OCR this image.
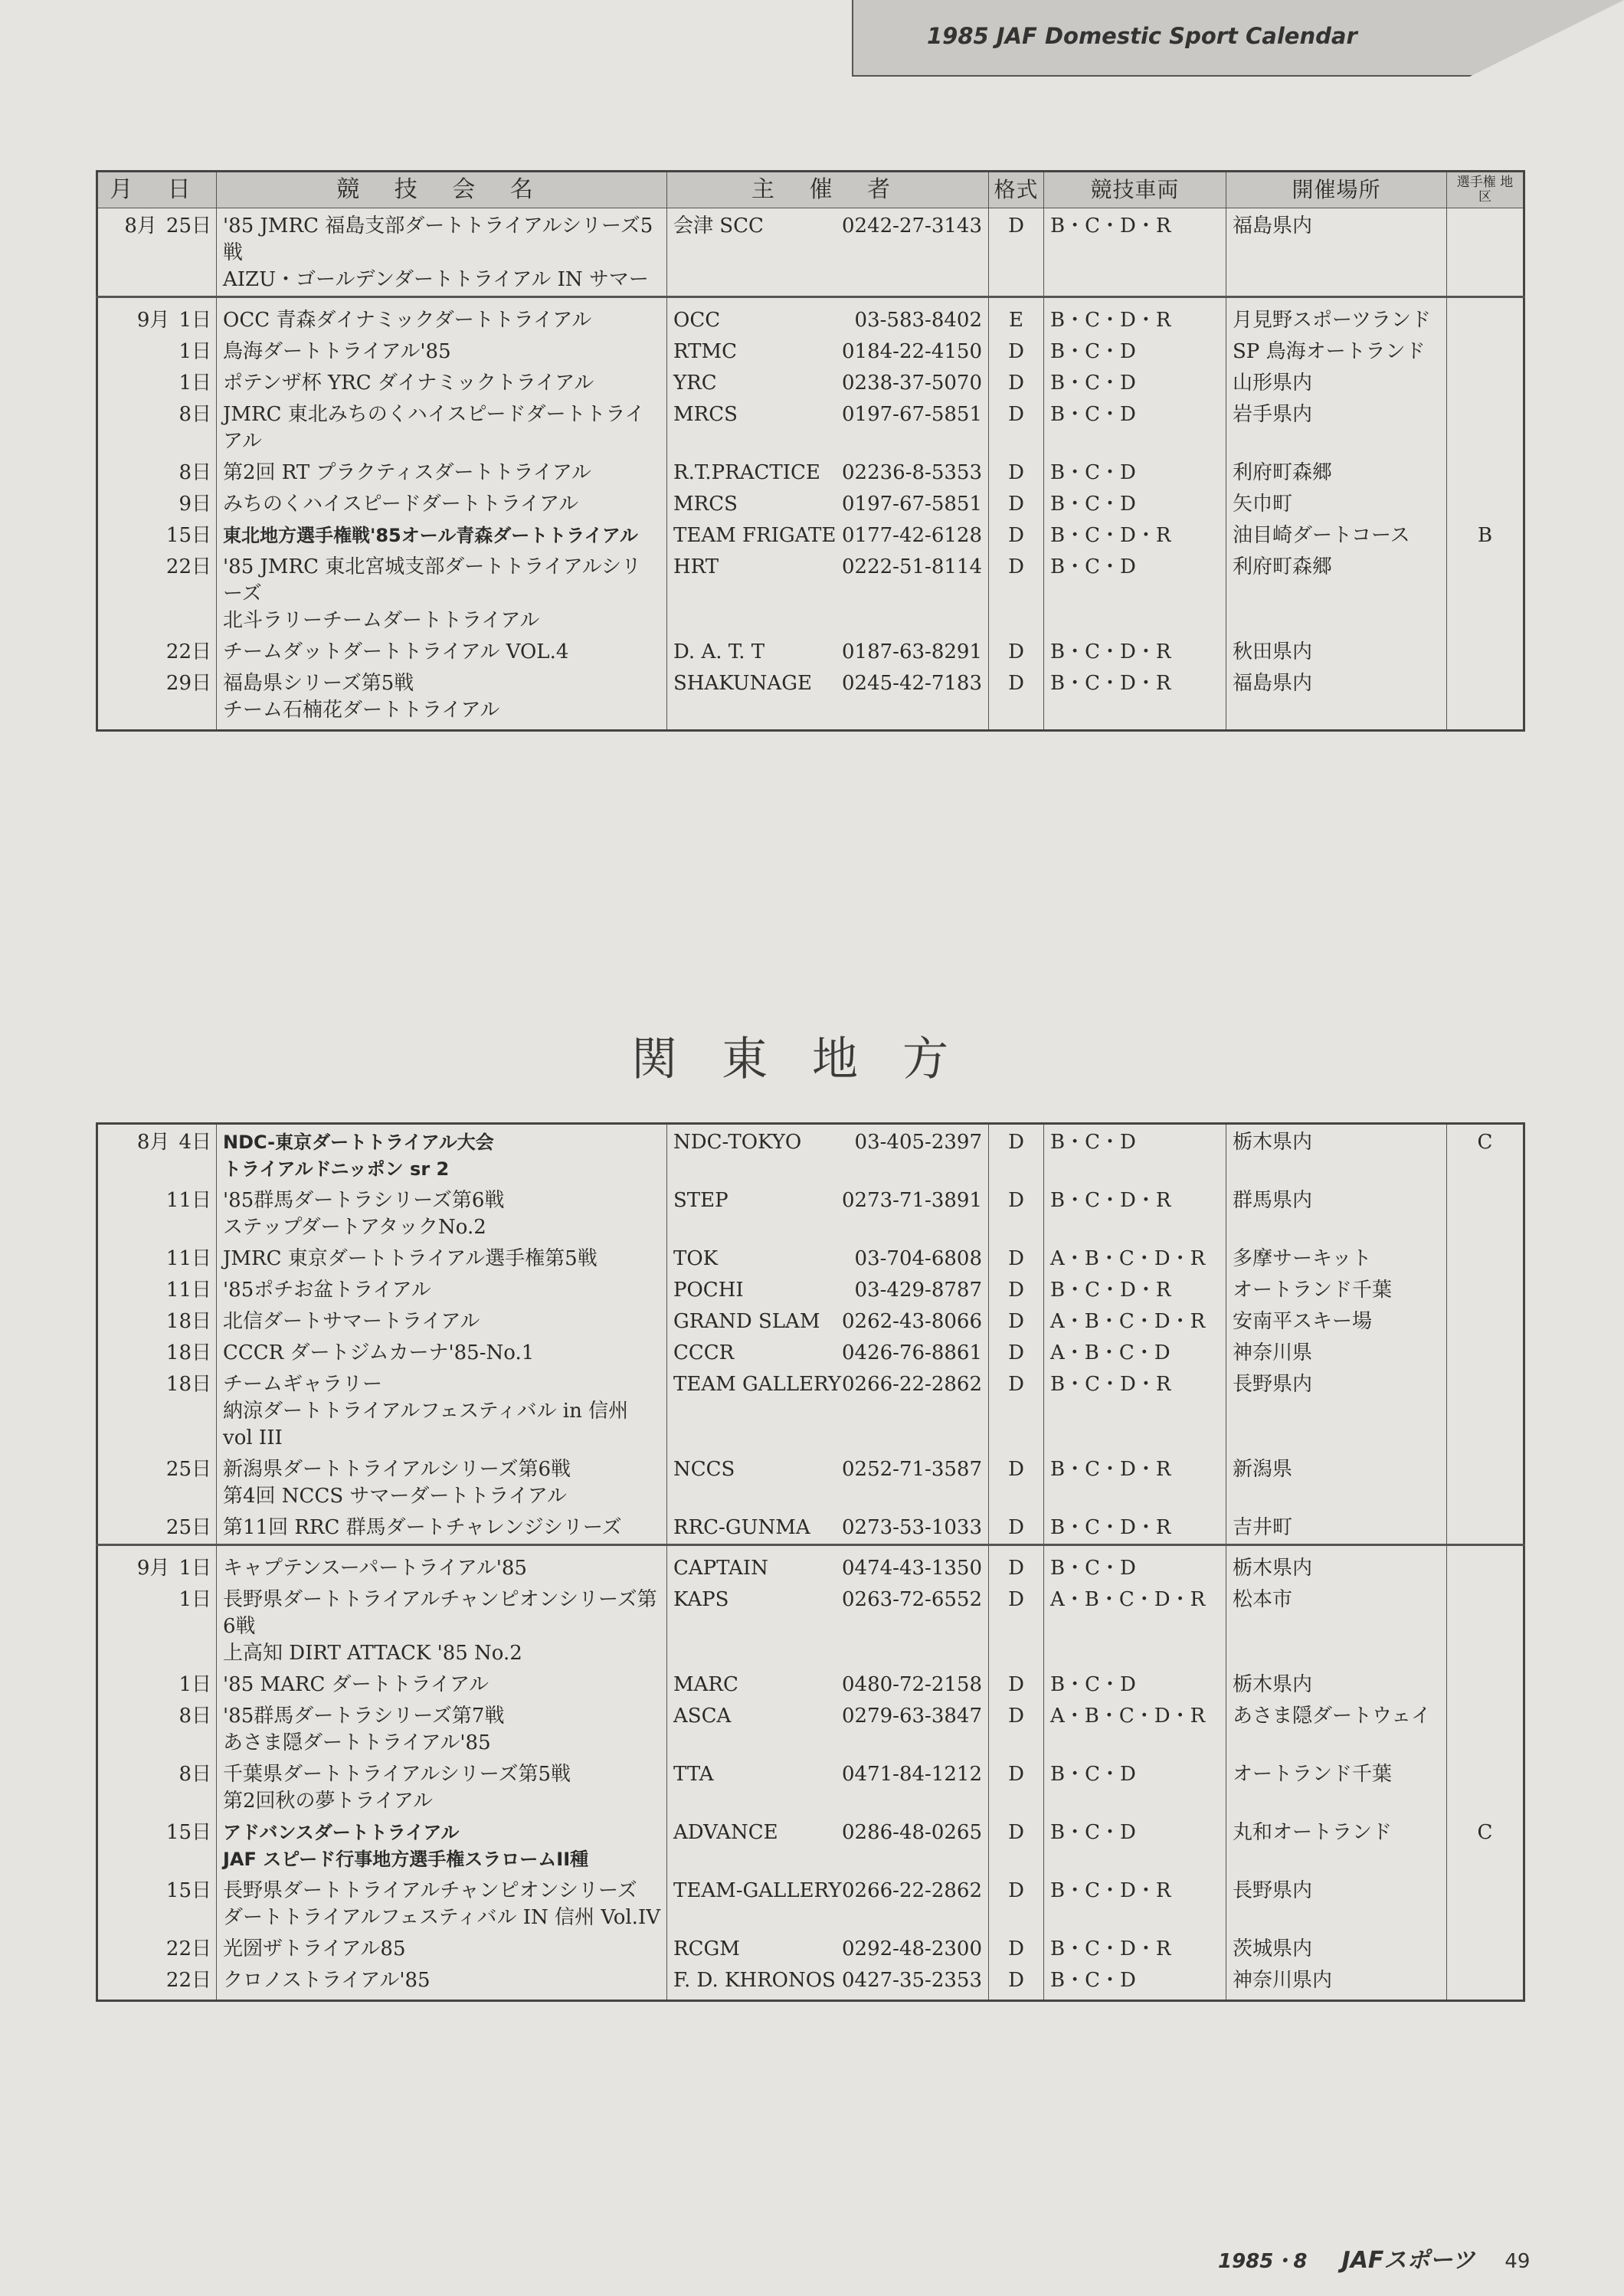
1985 JAF Domestic Sport Calendar
月 日	競 技 会 名	主 催 者	格式	競技車両	開催場所	選手権 地 区
8月 25日	'85 JMRC 福島支部ダートトライアルシリーズ5戦
AIZU・ゴールデンダートトライアル IN サマー	会津 SCC 0242-27-3143	D	B・C・D・R	福島県内	
9月 1日	OCC 青森ダイナミックダートトライアル	OCC 03-583-8402	E	B・C・D・R	月見野スポーツランド	
1日	鳥海ダートトライアル'85	RTMC 0184-22-4150	D	B・C・D	SP 鳥海オートランド	
1日	ポテンザ杯 YRC ダイナミックトライアル	YRC 0238-37-5070	D	B・C・D	山形県内	
8日	JMRC 東北みちのくハイスピードダートトライアル	MRCS 0197-67-5851	D	B・C・D	岩手県内	
8日	第2回 RT プラクティスダートトライアル	R.T.PRACTICE 02236-8-5353	D	B・C・D	利府町森郷	
9日	みちのくハイスピードダートトライアル	MRCS 0197-67-5851	D	B・C・D	矢巾町	
15日	東北地方選手権戦'85オール青森ダートトライアル	TEAM FRIGATE 0177-42-6128	D	B・C・D・R	油目崎ダートコース	B
22日	'85 JMRC 東北宮城支部ダートトライアルシリーズ
北斗ラリーチームダートトライアル	HRT 0222-51-8114	D	B・C・D	利府町森郷	
22日	チームダットダートトライアル VOL.4	D. A. T. T 0187-63-8291	D	B・C・D・R	秋田県内	
29日	福島県シリーズ第5戦
チーム石楠花ダートトライアル	SHAKUNAGE 0245-42-7183	D	B・C・D・R	福島県内	

関東地方
8月 4日	NDC-東京ダートトライアル大会
トライアルドニッポン sr 2	NDC-TOKYO 03-405-2397	D	B・C・D	栃木県内	C
11日	'85群馬ダートラシリーズ第6戦
ステップダートアタックNo.2	STEP 0273-71-3891	D	B・C・D・R	群馬県内	
11日	JMRC 東京ダートトライアル選手権第5戦	TOK 03-704-6808	D	A・B・C・D・R	多摩サーキット	
11日	'85ポチお盆トライアル	POCHI 03-429-8787	D	B・C・D・R	オートランド千葉	
18日	北信ダートサマートライアル	GRAND SLAM 0262-43-8066	D	A・B・C・D・R	安南平スキー場	
18日	CCCR ダートジムカーナ'85-No.1	CCCR 0426-76-8861	D	A・B・C・D	神奈川県	
18日	チームギャラリー
納涼ダートトライアルフェスティバル in 信州 vol III	TEAM GALLERY 0266-22-2862	D	B・C・D・R	長野県内	
25日	新潟県ダートトライアルシリーズ第6戦
第4回 NCCS サマーダートトライアル	NCCS 0252-71-3587	D	B・C・D・R	新潟県	
25日	第11回 RRC 群馬ダートチャレンジシリーズ	RRC-GUNMA 0273-53-1033	D	B・C・D・R	吉井町	
9月 1日	キャプテンスーパートライアル'85	CAPTAIN 0474-43-1350	D	B・C・D	栃木県内	
1日	長野県ダートトライアルチャンピオンシリーズ第6戦
上高知 DIRT ATTACK '85 No.2	KAPS 0263-72-6552	D	A・B・C・D・R	松本市	
1日	'85 MARC ダートトライアル	MARC 0480-72-2158	D	B・C・D	栃木県内	
8日	'85群馬ダートラシリーズ第7戦
あさま隠ダートトライアル'85	ASCA 0279-63-3847	D	A・B・C・D・R	あさま隠ダートウェイ	
8日	千葉県ダートトライアルシリーズ第5戦
第2回秋の夢トライアル	TTA 0471-84-1212	D	B・C・D	オートランド千葉	
15日	アドバンスダートトライアル
JAF スピード行事地方選手権スラロームII種	ADVANCE 0286-48-0265	D	B・C・D	丸和オートランド	C
15日	長野県ダートトライアルチャンピオンシリーズ
ダートトライアルフェスティバル IN 信州 Vol.IV	TEAM-GALLERY 0266-22-2862	D	B・C・D・R	長野県内	
22日	光圀ザトライアル85	RCGM 0292-48-2300	D	B・C・D・R	茨城県内	
22日	クロノストライアル'85	F. D. KHRONOS 0427-35-2353	D	B・C・D	神奈川県内	

1985・8 JAFスポーツ 49
